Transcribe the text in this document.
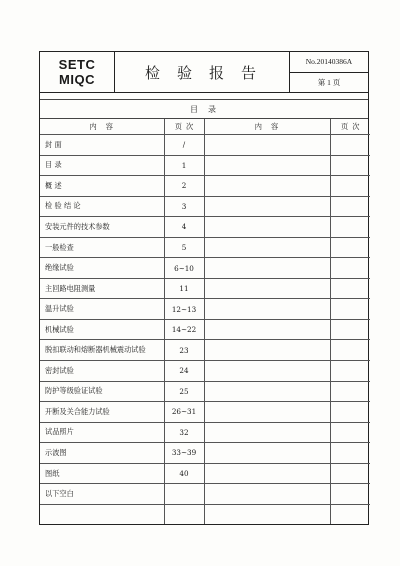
SETC
MIQC	检验报告
No.20140386A
第 1 页
目录
内容	页次	内容	页次
封 面	/		
目 录	1		
概 述	2		
检 验 结 论	3		
安装元件的技术参数	4		
一般检查	5		
绝缘试验	6~10		
主回路电阻测量	11		
温升试验	12~13		
机械试验	14~22		
脱扣联动和熔断器机械震动试验	23		
密封试验	24		
防护等级验证试验	25		
开断及关合能力试验	26~31		
试品照片	32		
示波图	33~39		
图纸	40		
以下空白			
